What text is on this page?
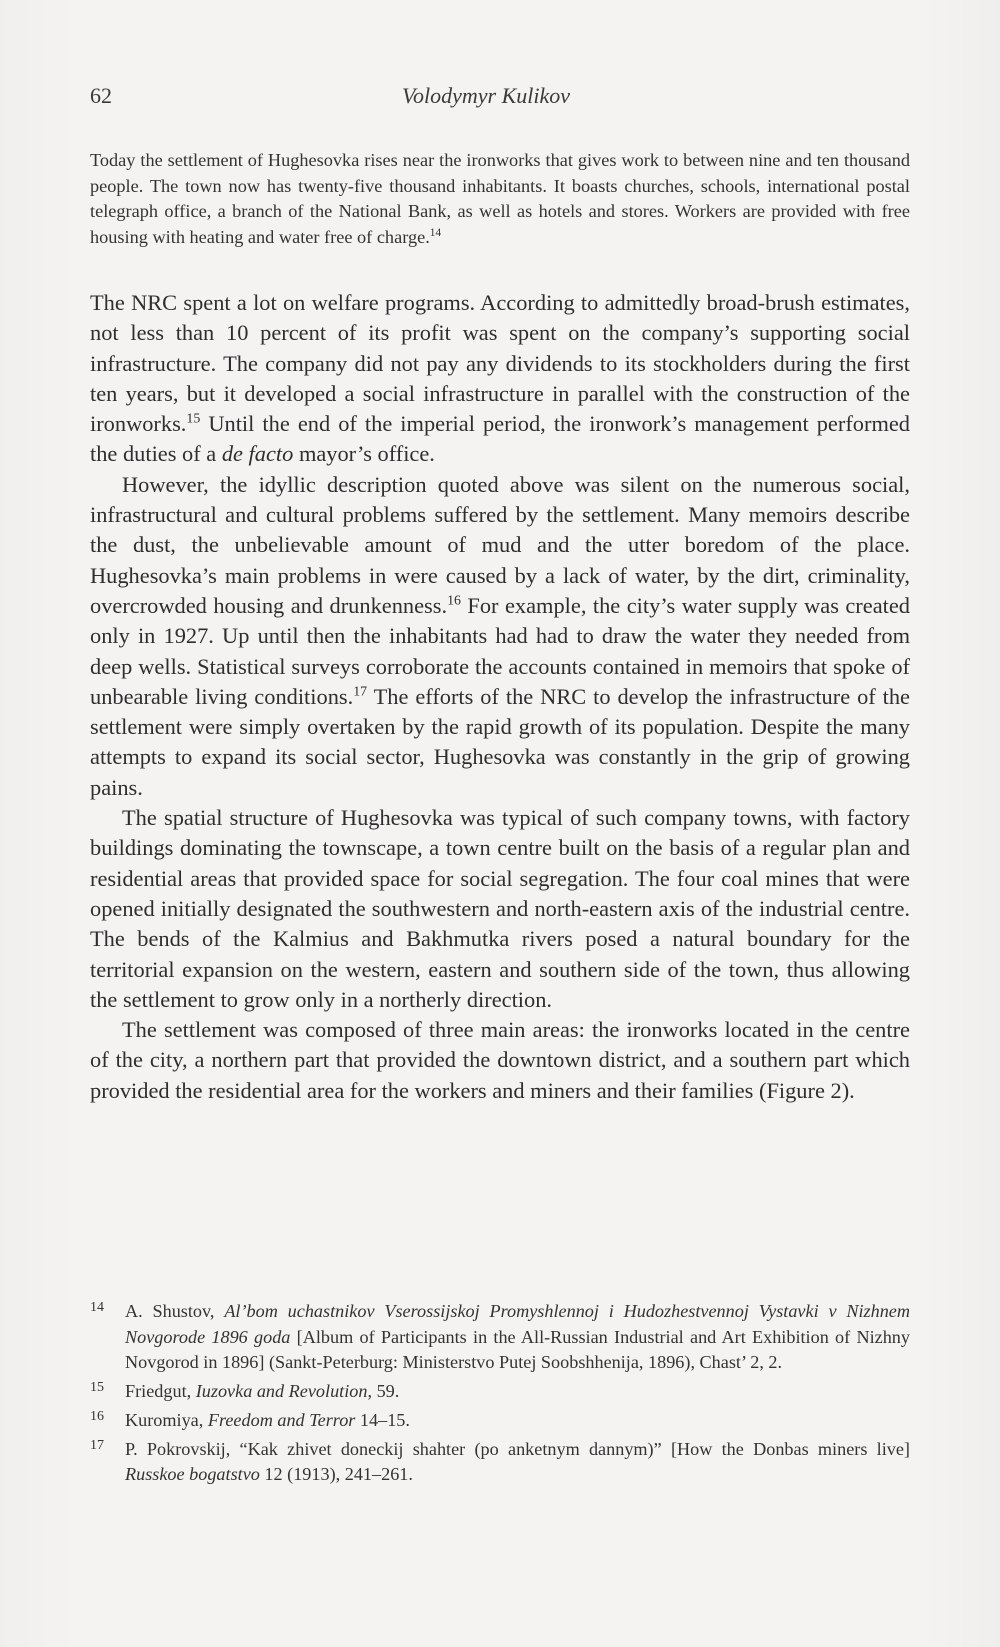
62	Volodymyr Kulikov

Today the settlement of Hughesovka rises near the ironworks that gives work to between nine and ten thousand people. The town now has twenty-five thousand inhabitants. It boasts churches, schools, international postal telegraph office, a branch of the National Bank, as well as hotels and stores. Workers are provided with free housing with heating and water free of charge.$^{14}$

The NRC spent a lot on welfare programs. According to admittedly broad-brush estimates, not less than 10 percent of its profit was spent on the company’s supporting social infrastructure. The company did not pay any dividends to its stockholders during the first ten years, but it developed a social infrastructure in parallel with the construction of the ironworks.$^{15}$ Until the end of the imperial period, the ironwork’s management performed the duties of a de facto mayor’s office.

However, the idyllic description quoted above was silent on the numerous social, infrastructural and cultural problems suffered by the settlement. Many memoirs describe the dust, the unbelievable amount of mud and the utter boredom of the place. Hughesovka’s main problems in were caused by a lack of water, by the dirt, criminality, overcrowded housing and drunkenness.$^{16}$ For example, the city’s water supply was created only in 1927. Up until then the inhabitants had had to draw the water they needed from deep wells. Statistical surveys corroborate the accounts contained in memoirs that spoke of unbearable living conditions.$^{17}$ The efforts of the NRC to develop the infrastructure of the settlement were simply overtaken by the rapid growth of its population. Despite the many attempts to expand its social sector, Hughesovka was constantly in the grip of growing pains.

The spatial structure of Hughesovka was typical of such company towns, with factory buildings dominating the townscape, a town centre built on the basis of a regular plan and residential areas that provided space for social segregation. The four coal mines that were opened initially designated the southwestern and north-eastern axis of the industrial centre. The bends of the Kalmius and Bakhmutka rivers posed a natural boundary for the territorial expansion on the western, eastern and southern side of the town, thus allowing the settlement to grow only in a northerly direction.

The settlement was composed of three main areas: the ironworks located in the centre of the city, a northern part that provided the downtown district, and a southern part which provided the residential area for the workers and miners and their families (Figure 2).

14 A. Shustov, Al’bom uchastnikov Vserossijskoj Promyshlennoj i Hudozhestvennoj Vystavki v Nizhnem Novgorode 1896 goda [Album of Participants in the All-Russian Industrial and Art Exhibition of Nizhny Novgorod in 1896] (Sankt-Peterburg: Ministerstvo Putej Soobshhenija, 1896), Chast’ 2, 2.

15 Friedgut, Iuzovka and Revolution, 59.

16 Kuromiya, Freedom and Terror 14–15.

17 P. Pokrovskij, “Kak zhivet doneckij shahter (po anketnym dannym)” [How the Donbas miners live] Russkoe bogatstvo 12 (1913), 241–261.
